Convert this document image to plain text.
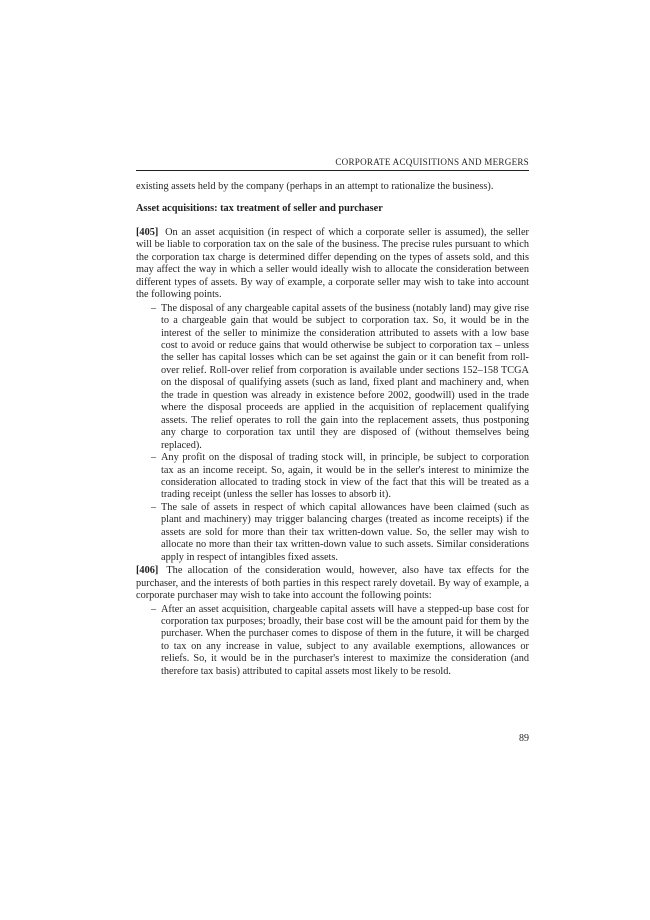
CORPORATE ACQUISITIONS AND MERGERS

existing assets held by the company (perhaps in an attempt to rationalize the business).

Asset acquisitions: tax treatment of seller and purchaser

[405] On an asset acquisition (in respect of which a corporate seller is assumed), the seller will be liable to corporation tax on the sale of the business. The precise rules pursuant to which the corporation tax charge is determined differ depending on the types of assets sold, and this may affect the way in which a seller would ideally wish to allocate the consideration between different types of assets. By way of example, a corporate seller may wish to take into account the following points.

– The disposal of any chargeable capital assets of the business (notably land) may give rise to a chargeable gain that would be subject to corporation tax. So, it would be in the interest of the seller to minimize the consideration attributed to assets with a low base cost to avoid or reduce gains that would otherwise be subject to corporation tax – unless the seller has capital losses which can be set against the gain or it can benefit from roll-over relief. Roll-over relief from corporation is available under sections 152–158 TCGA on the disposal of qualifying assets (such as land, fixed plant and machinery and, when the trade in question was already in existence before 2002, goodwill) used in the trade where the disposal proceeds are applied in the acquisition of replacement qualifying assets. The relief operates to roll the gain into the replacement assets, thus postponing any charge to corporation tax until they are disposed of (without themselves being replaced).
– Any profit on the disposal of trading stock will, in principle, be subject to corporation tax as an income receipt. So, again, it would be in the seller's interest to minimize the consideration allocated to trading stock in view of the fact that this will be treated as a trading receipt (unless the seller has losses to absorb it).
– The sale of assets in respect of which capital allowances have been claimed (such as plant and machinery) may trigger balancing charges (treated as income receipts) if the assets are sold for more than their tax written-down value. So, the seller may wish to allocate no more than their tax written-down value to such assets. Similar considerations apply in respect of intangibles fixed assets.

[406] The allocation of the consideration would, however, also have tax effects for the purchaser, and the interests of both parties in this respect rarely dovetail. By way of example, a corporate purchaser may wish to take into account the following points:

– After an asset acquisition, chargeable capital assets will have a stepped-up base cost for corporation tax purposes; broadly, their base cost will be the amount paid for them by the purchaser. When the purchaser comes to dispose of them in the future, it will be charged to tax on any increase in value, subject to any available exemptions, allowances or reliefs. So, it would be in the purchaser's interest to maximize the consideration (and therefore tax basis) attributed to capital assets most likely to be resold.
89
